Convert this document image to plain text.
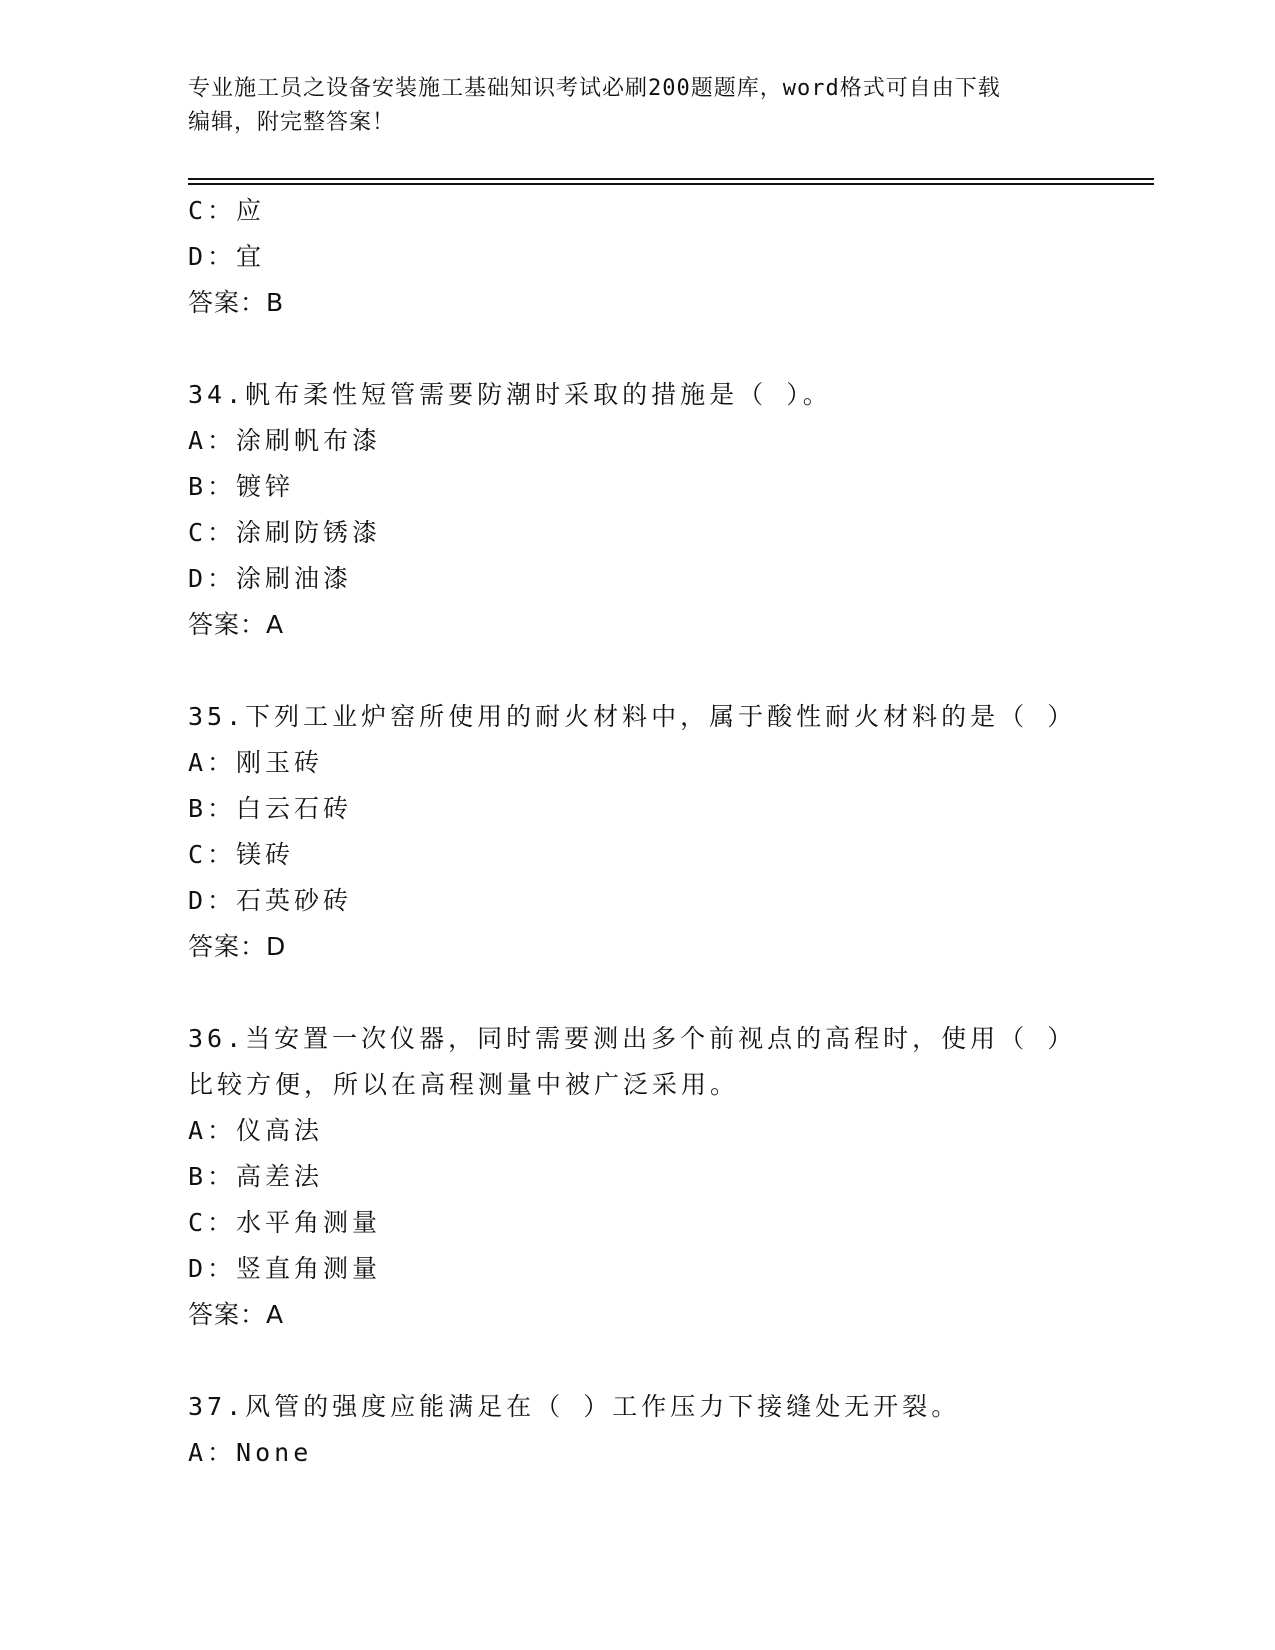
专业施工员之设备安装施工基础知识考试必刷200题题库，word格式可自由下载
编辑，附完整答案！
C：应
D：宜
答案：B
34.帆布柔性短管需要防潮时采取的措施是（ ）。
A：涂刷帆布漆
B：镀锌
C：涂刷防锈漆
D：涂刷油漆
答案：A
35.下列工业炉窑所使用的耐火材料中，属于酸性耐火材料的是（ ）
A：刚玉砖
B：白云石砖
C：镁砖
D：石英砂砖
答案：D
36.当安置一次仪器，同时需要测出多个前视点的高程时，使用（ ）
比较方便，所以在高程测量中被广泛采用。
A：仪高法
B：高差法
C：水平角测量
D：竖直角测量
答案：A
37.风管的强度应能满足在（ ）工作压力下接缝处无开裂。
A：None
